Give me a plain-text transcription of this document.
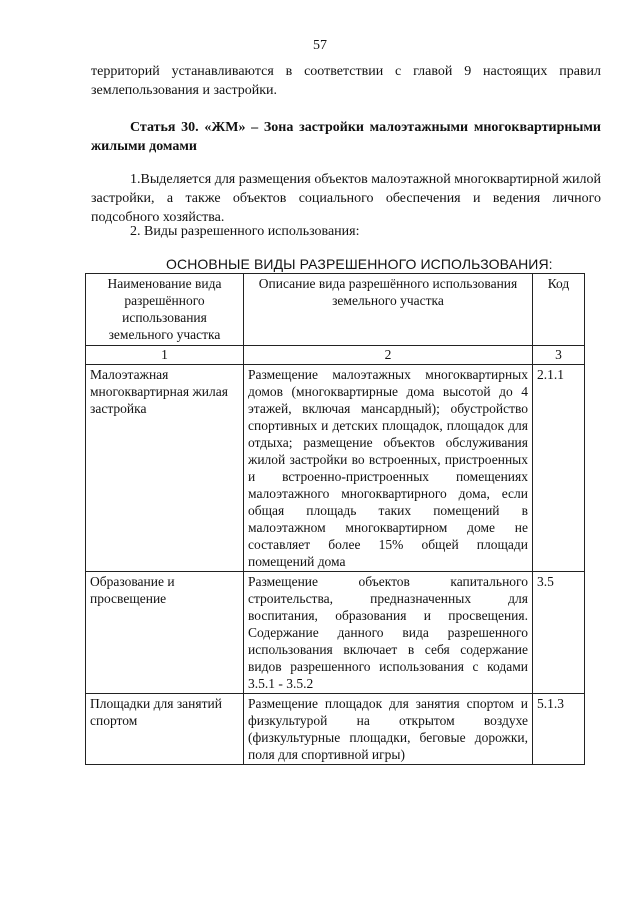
57

территорий устанавливаются в соответствии с главой 9 настоящих правил землепользования и застройки.

Статья 30. «ЖМ» – Зона застройки малоэтажными многоквартирными жилыми домами

1.Выделяется для размещения объектов малоэтажной многоквартирной жилой застройки, а также объектов социального обеспечения и ведения личного подсобного хозяйства.

2. Виды разрешенного использования:

ОСНОВНЫЕ ВИДЫ РАЗРЕШЕННОГО ИСПОЛЬЗОВАНИЯ:
Наименование вида разрешённого использования земельного участка	Описание вида разрешённого использования земельного участка	Код
1	2	3
Малоэтажная многоквартирная жилая застройка	Размещение малоэтажных многоквартирных домов (многоквартирные дома высотой до 4 этажей, включая мансардный); обустройство спортивных и детских площадок, площадок для отдыха; размещение объектов обслуживания жилой застройки во встроенных, пристроенных и встроенно-пристроенных помещениях малоэтажного многоквартирного дома, если общая площадь таких помещений в малоэтажном многоквартирном доме не составляет более 15% общей площади помещений дома	2.1.1
Образование и просвещение	Размещение объектов капитального строительства, предназначенных для воспитания, образования и просвещения. Содержание данного вида разрешенного использования включает в себя содержание видов разрешенного использования с кодами 3.5.1 - 3.5.2	3.5
Площадки для занятий спортом	Размещение площадок для занятия спортом и физкультурой на открытом воздухе (физкультурные площадки, беговые дорожки, поля для спортивной игры)	5.1.3
